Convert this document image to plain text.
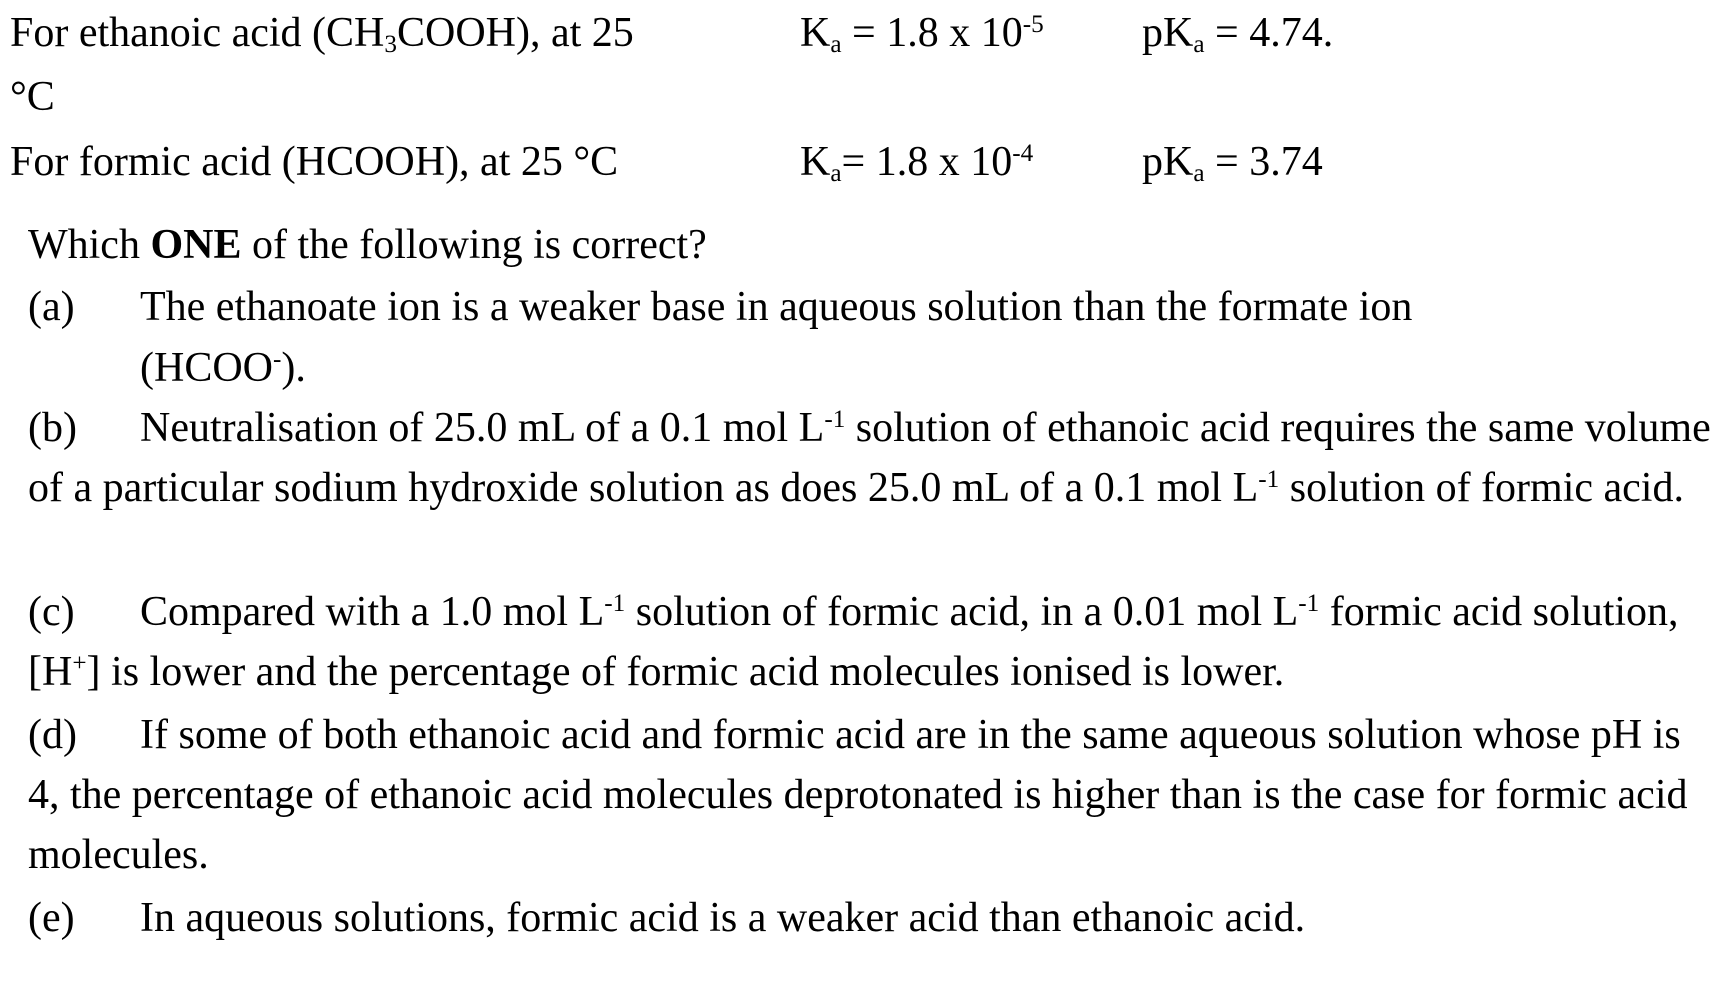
For ethanoic acid $(CH_3COOH)$, at 25
°C
$K_a = 1.8$ x $10^{-5}$ $pK_a = 4.74$.
For formic acid (HCOOH), at 25 °C	$K_a= 1.8$ x $10^{-4}$	$pK_a = 3.74$
Which ONE of the following is correct?
(a) The ethanoate ion is a weaker base in aqueous solution than the formate ion
(HCOO-).
(b) Neutralisation of 25.0 mL of a 0.1 mol $L^{-1}$ solution of ethanoic acid requires the same volume of a particular sodium hydroxide solution as does 25.0 mL of a 0.1 mol $L^{-1}$ solution of formic acid.
(c) Compared with a 1.0 mol $L^{-1}$ solution of formic acid, in a 0.01 mol $L^{-1}$ formic acid solution, [H+] is lower and the percentage of formic acid molecules ionised is lower.
(d) If some of both ethanoic acid and formic acid are in the same aqueous solution whose pH is 4, the percentage of ethanoic acid molecules deprotonated is higher than is the case for formic acid molecules.
(e) In aqueous solutions, formic acid is a weaker acid than ethanoic acid.
